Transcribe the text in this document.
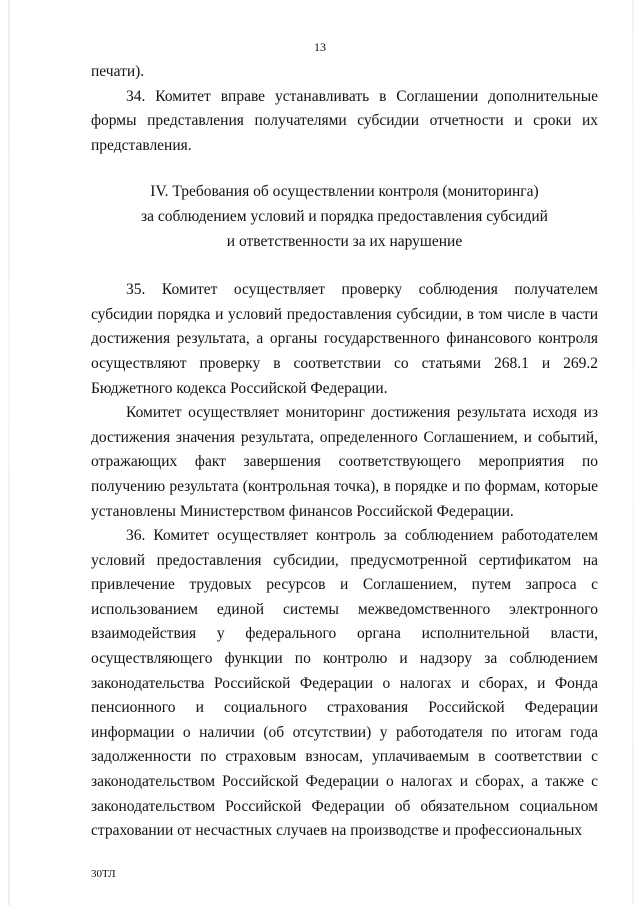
13

печати).

34. Комитет вправе устанавливать в Соглашении дополнительные формы представления получателями субсидии отчетности и сроки их представления.

IV. Требования об осуществлении контроля (мониторинга)
за соблюдением условий и порядка предоставления субсидий
и ответственности за их нарушение

35. Комитет осуществляет проверку соблюдения получателем субсидии порядка и условий предоставления субсидии, в том числе в части достижения результата, а органы государственного финансового контроля осуществляют проверку в соответствии со статьями 268.1 и 269.2 Бюджетного кодекса Российской Федерации.

Комитет осуществляет мониторинг достижения результата исходя из достижения значения результата, определенного Соглашением, и событий, отражающих факт завершения соответствующего мероприятия по получению результата (контрольная точка), в порядке и по формам, которые установлены Министерством финансов Российской Федерации.

36. Комитет осуществляет контроль за соблюдением работодателем условий предоставления субсидии, предусмотренной сертификатом на привлечение трудовых ресурсов и Соглашением, путем запроса с использованием единой системы межведомственного электронного взаимодействия у федерального органа исполнительной власти, осуществляющего функции по контролю и надзору за соблюдением законодательства Российской Федерации о налогах и сборах, и Фонда пенсионного и социального страхования Российской Федерации информации о наличии (об отсутствии) у работодателя по итогам года задолженности по страховым взносам, уплачиваемым в соответствии с законодательством Российской Федерации о налогах и сборах, а также с законодательством Российской Федерации об обязательном социальном страховании от несчастных случаев на производстве и профессиональных

30ТЛ
